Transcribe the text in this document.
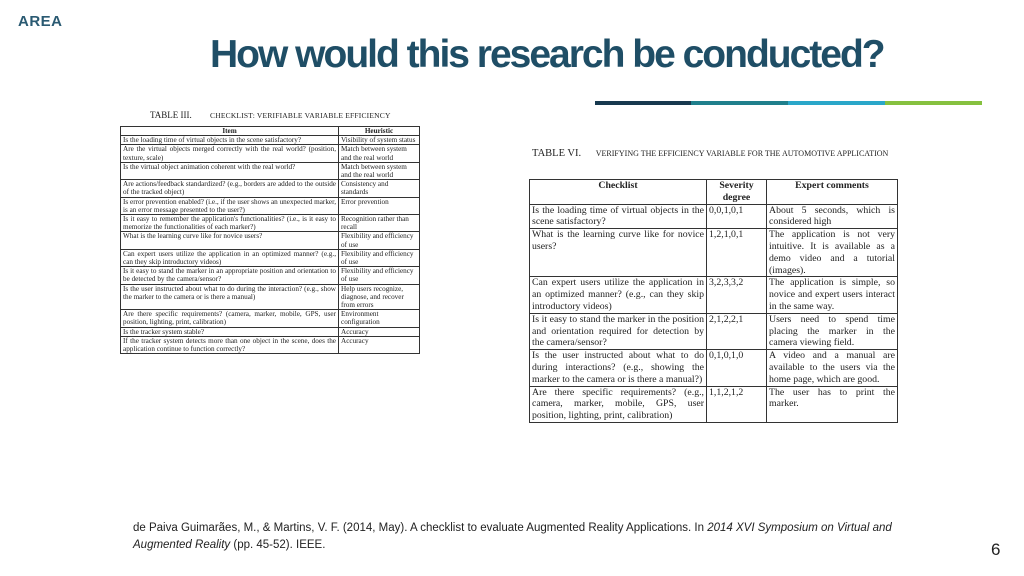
AREA
How would this research be conducted?
TABLE III. CHECKLIST: VERIFIABLE VARIABLE EFFICIENCY
Item	Heuristic
Is the loading time of virtual objects in the scene satisfactory?	Visibility of system status
Are the virtual objects merged correctly with the real world? (position, texture, scale)	Match between system and the real world
Is the virtual object animation coherent with the real world?	Match between system and the real world
Are actions/feedback standardized? (e.g., borders are added to the outside of the tracked object)	Consistency and standards
Is error prevention enabled? (i.e., if the user shows an unexpected marker, is an error message presented to the user?)	Error prevention
Is it easy to remember the application's functionalities? (i.e., is it easy to memorize the functionalities of each marker?)	Recognition rather than recall
What is the learning curve like for novice users?	Flexibility and efficiency of use
Can expert users utilize the application in an optimized manner? (e.g., can they skip introductory videos)	Flexibility and efficiency of use
Is it easy to stand the marker in an appropriate position and orientation to be detected by the camera/sensor?	Flexibility and efficiency of use
Is the user instructed about what to do during the interaction? (e.g., show the marker to the camera or is there a manual)	Help users recognize, diagnose, and recover from errors
Are there specific requirements? (camera, marker, mobile, GPS, user position, lighting, print, calibration)	Environment configuration
Is the tracker system stable?	Accuracy
If the tracker system detects more than one object in the scene, does the application continue to function correctly?	Accuracy
TABLE VI. VERIFYING THE EFFICIENCY VARIABLE FOR THE AUTOMOTIVE APPLICATION
Checklist	Severity degree	Expert comments
Is the loading time of virtual objects in the scene satisfactory?	0,0,1,0,1	About 5 seconds, which is considered high
What is the learning curve like for novice users?	1,2,1,0,1	The application is not very intuitive. It is available as a demo video and a tutorial (images).
Can expert users utilize the application in an optimized manner? (e.g., can they skip introductory videos)	3,2,3,3,2	The application is simple, so novice and expert users interact in the same way.
Is it easy to stand the marker in the position and orientation required for detection by the camera/sensor?	2,1,2,2,1	Users need to spend time placing the marker in the camera viewing field.
Is the user instructed about what to do during interactions? (e.g., showing the marker to the camera or is there a manual?)	0,1,0,1,0	A video and a manual are available to the users via the home page, which are good.
Are there specific requirements? (e.g., camera, marker, mobile, GPS, user position, lighting, print, calibration)	1,1,2,1,2	The user has to print the marker.
de Paiva Guimarães, M., & Martins, V. F. (2014, May). A checklist to evaluate Augmented Reality Applications. In 2014 XVI Symposium on Virtual and Augmented Reality (pp. 45-52). IEEE.	6
